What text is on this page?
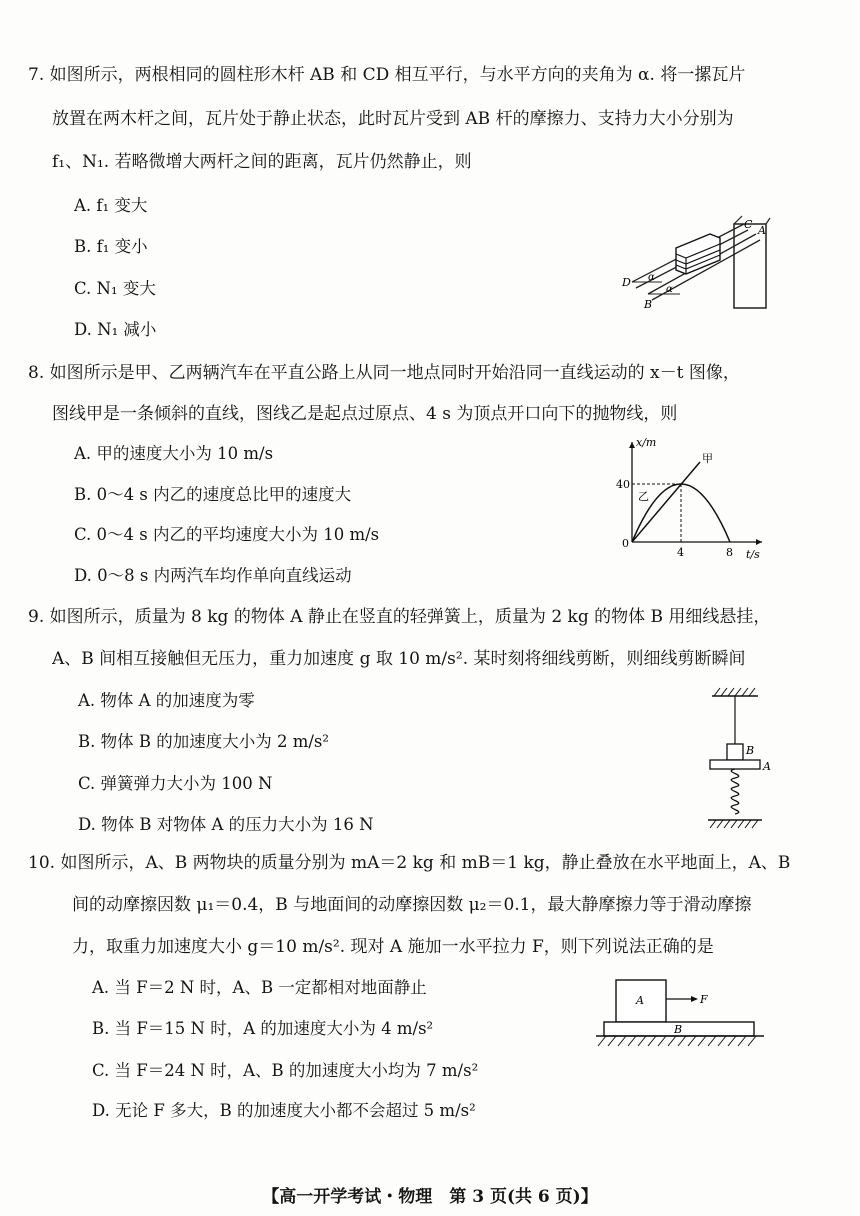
7. 如图所示，两根相同的圆柱形木杆 AB 和 CD 相互平行，与水平方向的夹角为 α. 将一摞瓦片
放置在两木杆之间，瓦片处于静止状态，此时瓦片受到 AB 杆的摩擦力、支持力大小分别为
f₁、N₁. 若略微增大两杆之间的距离，瓦片仍然静止，则
A. f₁ 变大
B. f₁ 变小
C. N₁ 变大
D. N₁ 减小
C A
D
B
α
α
8. 如图所示是甲、乙两辆汽车在平直公路上从同一地点同时开始沿同一直线运动的 x－t 图像，
图线甲是一条倾斜的直线，图线乙是起点过原点、4 s 为顶点开口向下的抛物线，则
A. 甲的速度大小为 10 m/s
B. 0～4 s 内乙的速度总比甲的速度大
C. 0～4 s 内乙的平均速度大小为 10 m/s
D. 0～8 s 内两汽车均作单向直线运动
x/m
t/s
40
0
4	8
甲
乙
9. 如图所示，质量为 8 kg 的物体 A 静止在竖直的轻弹簧上，质量为 2 kg 的物体 B 用细线悬挂，
A、B 间相互接触但无压力，重力加速度 g 取 10 m/s². 某时刻将细线剪断，则细线剪断瞬间
A. 物体 A 的加速度为零
B. 物体 B 的加速度大小为 2 m/s²
C. 弹簧弹力大小为 100 N
D. 物体 B 对物体 A 的压力大小为 16 N
B
A
10. 如图所示，A、B 两物块的质量分别为 mA＝2 kg 和 mB＝1 kg，静止叠放在水平地面上，A、B
间的动摩擦因数 μ₁＝0.4，B 与地面间的动摩擦因数 μ₂＝0.1，最大静摩擦力等于滑动摩擦
力，取重力加速度大小 g＝10 m/s². 现对 A 施加一水平拉力 F，则下列说法正确的是
A. 当 F＝2 N 时，A、B 一定都相对地面静止
B. 当 F＝15 N 时，A 的加速度大小为 4 m/s²
C. 当 F＝24 N 时，A、B 的加速度大小均为 7 m/s²
D. 无论 F 多大，B 的加速度大小都不会超过 5 m/s²
A	F
B
【高一开学考试・物理　第 3 页(共 6 页)】
